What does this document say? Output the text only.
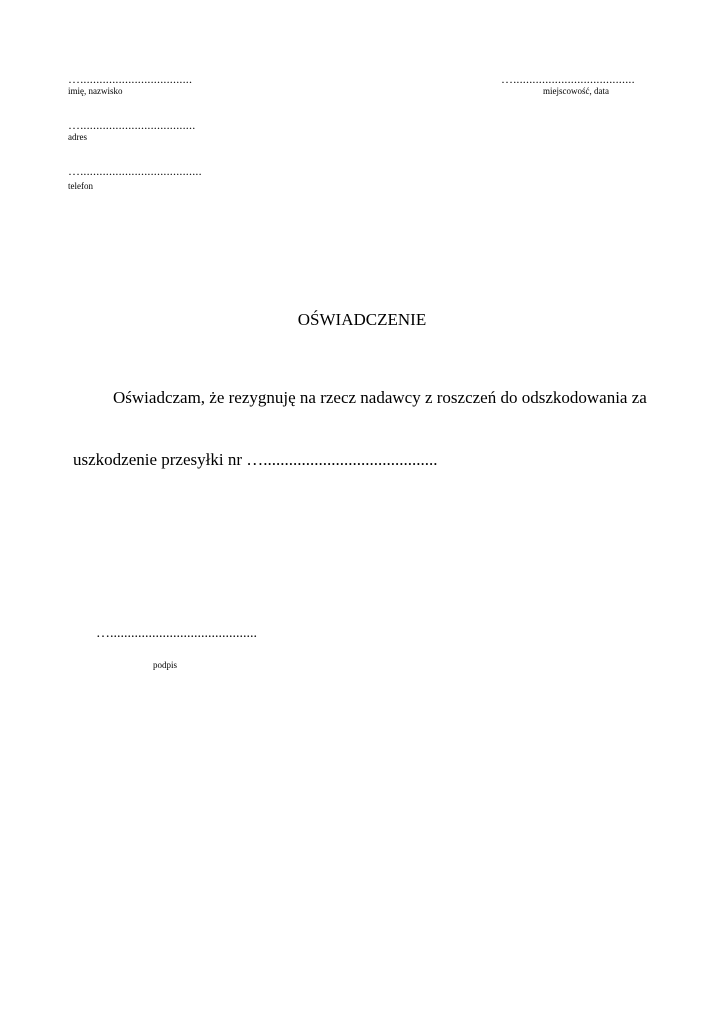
…...................................
imię, nazwisko
…......................................
miejscowość, data
…....................................
adres
…......................................
telefon
OŚWIADCZENIE
Oświadczam, że rezygnuję na rzecz nadawcy z roszczeń do odszkodowania za
uszkodzenie przesyłki nr ….........................................
…..........................................
podpis
